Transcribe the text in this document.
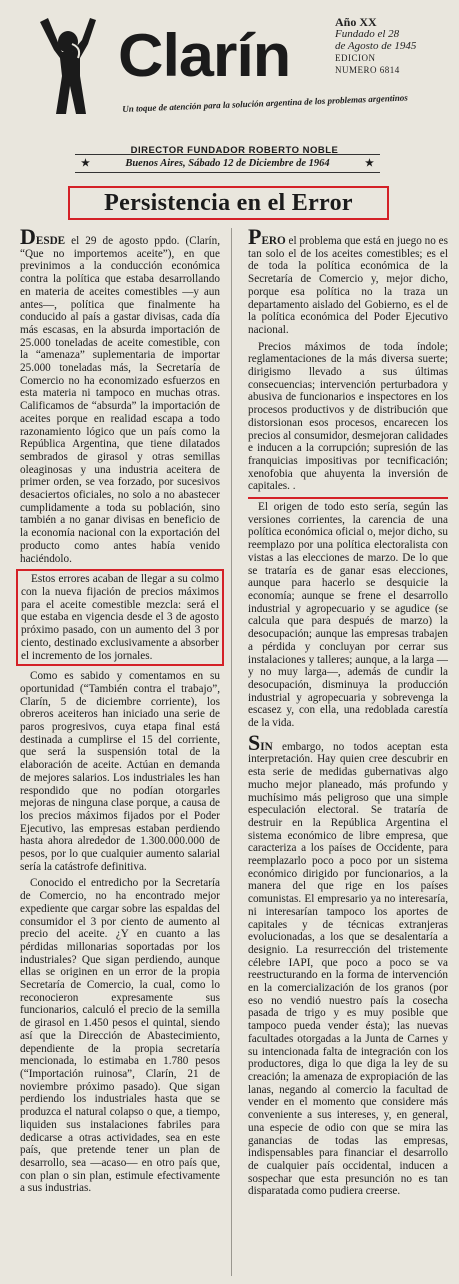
Clarín
Un toque de atención para la solución argentina de los problemas argentinos
Año XX
Fundado el 28
de Agosto de 1945
EDICION
NUMERO 6814
DIRECTOR FUNDADOR ROBERTO NOBLE
★	Buenos Aires, Sábado 12 de Diciembre de 1964	★
Persistencia en el Error

DESDE el 29 de agosto ppdo. (Clarín, “Que no importemos aceite”), en que previnimos a la conducción económica contra la política que estaba desarrollando en materia de aceites comestibles —y aun antes—, política que finalmente ha conducido al país a gastar divisas, cada día más escasas, en la absurda importación de 25.000 toneladas de aceite comestible, con la “amenaza” suplementaria de importar 25.000 toneladas más, la Secretaría de Comercio no ha economizado esfuerzos en esta materia ni tampoco en muchas otras. Calificamos de “absurda” la importación de aceites porque en realidad escapa a todo razonamiento lógico que un país como la República Argentina, que tiene dilatados sembrados de girasol y otras semillas oleaginosas y una industria aceitera de primer orden, se vea forzado, por sucesivos desaciertos oficiales, no solo a no abastecer cumplidamente a toda su población, sino también a no ganar divisas en beneficio de la economía nacional con la exportación del producto como antes había venido haciéndolo.

Estos errores acaban de llegar a su colmo con la nueva fijación de precios máximos para el aceite comestible mezcla: será el que estaba en vigencia desde el 3 de agosto próximo pasado, con un aumento del 3 por ciento, destinado exclusivamente a absorber el incremento de los jornales.

Como es sabido y comentamos en su oportunidad (“También contra el trabajo”, Clarín, 5 de diciembre corriente), los obreros aceiteros han iniciado una serie de paros progresivos, cuya etapa final está destinada a cumplirse el 15 del corriente, que será la suspensión total de la elaboración de aceite. Actúan en demanda de mejores salarios. Los industriales les han respondido que no podían otorgarles mejoras de ninguna clase porque, a causa de los precios máximos fijados por el Poder Ejecutivo, las empresas estaban perdiendo hasta ahora alrededor de 1.300.000.000 de pesos, por lo que cualquier aumento salarial sería la catástrofe definitiva.

Conocido el entredicho por la Secretaría de Comercio, no ha encontrado mejor expediente que cargar sobre las espaldas del consumidor el 3 por ciento de aumento al precio del aceite. ¿Y en cuanto a las pérdidas millonarias soportadas por los industriales? Que sigan perdiendo, aunque ellas se originen en un error de la propia Secretaría de Comercio, la cual, como lo reconocieron expresamente sus funcionarios, calculó el precio de la semilla de girasol en 1.450 pesos el quintal, siendo así que la Dirección de Abastecimiento, dependiente de la propia secretaría mencionada, lo estimaba en 1.780 pesos (“Importación ruinosa”, Clarín, 21 de noviembre próximo pasado). Que sigan perdiendo los industriales hasta que se produzca el natural colapso o que, a tiempo, liquiden sus instalaciones fabriles para dedicarse a otras actividades, sea en este país, que pretende tener un plan de desarrollo, sea —acaso— en otro país que, con plan o sin plan, estimule efectivamente a sus industrias.

PERO el problema que está en juego no es tan solo el de los aceites comestibles; es el de toda la política económica de la Secretaría de Comercio y, mejor dicho, porque esa política no la traza un departamento aislado del Gobierno, es el de la política económica del Poder Ejecutivo nacional.

Precios máximos de toda índole; reglamentaciones de la más diversa suerte; dirigismo llevado a sus últimas consecuencias; intervención perturbadora y abusiva de funcionarios e inspectores en los procesos productivos y de distribución que distorsionan esos procesos, encarecen los precios al consumidor, desmejoran calidades e inducen a la corrupción; supresión de las franquicias impositivas por tecnificación; xenofobia que ahuyenta la inversión de capitales. .

El origen de todo esto sería, según las versiones corrientes, la carencia de una política económica oficial o, mejor dicho, su reemplazo por una política electoralista con vistas a las elecciones de marzo. De lo que se trataría es de ganar esas elecciones, aunque para hacerlo se desquicie la economía; aunque se frene el desarrollo industrial y agropecuario y se agudice (se calcula que para después de marzo) la desocupación; aunque las empresas trabajen a pérdida y concluyan por cerrar sus instalaciones y talleres; aunque, a la larga —y no muy larga—, además de cundir la desocupación, disminuya la producción industrial y agropecuaria y sobrevenga la escasez y, con ella, una redoblada carestía de la vida.

SIN embargo, no todos aceptan esta interpretación. Hay quien cree descubrir en esta serie de medidas gubernativas algo mucho mejor planeado, más profundo y muchísimo más peligroso que una simple especulación electoral. Se trataría de destruir en la República Argentina el sistema económico de libre empresa, que caracteriza a los países de Occidente, para reemplazarlo poco a poco por un sistema económico dirigido por funcionarios, a la manera del que rige en los países comunistas. El empresario ya no interesaría, ni interesarían tampoco los aportes de capitales y de técnicas extranjeras evolucionadas, a los que se desalentaría a designio. La resurrección del tristemente célebre IAPI, que poco a poco se va reestructurando en la forma de intervención en la comercialización de los granos (por eso no vendió nuestro país la cosecha pasada de trigo y es muy posible que tampoco pueda vender ésta); las nuevas facultades otorgadas a la Junta de Carnes y su intencionada falta de integración con los productores, diga lo que diga la ley de su creación; la amenaza de expropiación de las lanas, negando al comercio la facultad de vender en el momento que considere más conveniente a sus intereses, y, en general, una especie de odio con que se mira las ganancias de todas las empresas, indispensables para financiar el desarrollo de cualquier país occidental, inducen a sospechar que esta presunción no es tan disparatada como pudiera creerse.
